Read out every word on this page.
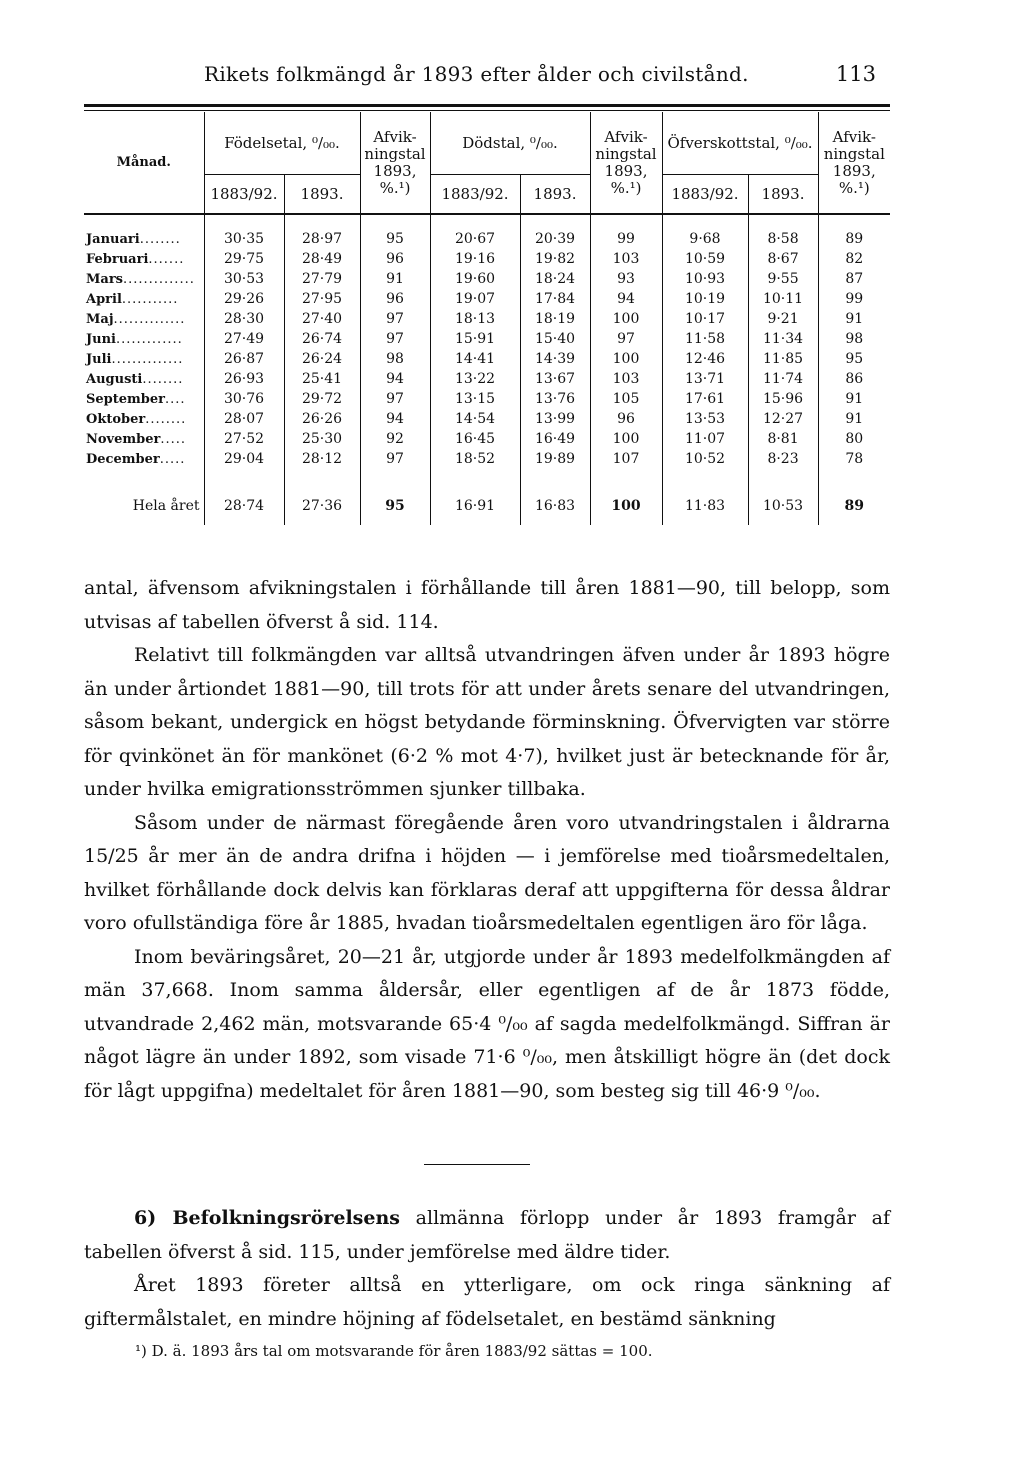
Rikets folkmängd år 1893 efter ålder och civilstånd.	113
Månad.	Födelsetal, ⁰/₀₀.		Afvik-ningstal 1893, %.¹)	Dödstal, ⁰/₀₀.		Afvik-ningstal 1893, %.¹)	Öfverskottstal, ⁰/₀₀.		Afvik-ningstal 1893, %.¹)
	1883/92.	1893.		1883/92.	1893.		1883/92.	1893.	
Januari........	30·35	28·97	95	20·67	20·39	99	9·68	8·58	89
Februari.......	29·75	28·49	96	19·16	19·82	103	10·59	8·67	82
Mars..............	30·53	27·79	91	19·60	18·24	93	10·93	9·55	87
April...........	29·26	27·95	96	19·07	17·84	94	10·19	10·11	99
Maj..............	28·30	27·40	97	18·13	18·19	100	10·17	9·21	91
Juni.............	27·49	26·74	97	15·91	15·40	97	11·58	11·34	98
Juli..............	26·87	26·24	98	14·41	14·39	100	12·46	11·85	95
Augusti........	26·93	25·41	94	13·22	13·67	103	13·71	11·74	86
September....	30·76	29·72	97	13·15	13·76	105	17·61	15·96	91
Oktober........	28·07	26·26	94	14·54	13·99	96	13·53	12·27	91
November.....	27·52	25·30	92	16·45	16·49	100	11·07	8·81	80
December.....	29·04	28·12	97	18·52	19·89	107	10·52	8·23	78
Hela året	28·74	27·36	95	16·91	16·83	100	11·83	10·53	89

antal, äfvensom afvikningstalen i förhållande till åren 1881—90, till belopp, som utvisas af tabellen öfverst å sid. 114.

Relativt till folkmängden var alltså utvandringen äfven under år 1893 högre än under årtiondet 1881—90, till trots för att under årets senare del utvandringen, såsom bekant, undergick en högst betydande förminskning. Öfvervigten var större för qvinkönet än för mankönet (6·2 % mot 4·7), hvilket just är betecknande för år, under hvilka emigrationsströmmen sjunker tillbaka.

Såsom under de närmast föregående åren voro utvandringstalen i åldrarna 15/25 år mer än de andra drifna i höjden — i jemförelse med tioårsmedeltalen, hvilket förhållande dock delvis kan förklaras deraf att uppgifterna för dessa åldrar voro ofullständiga före år 1885, hvadan tioårsmedeltalen egentligen äro för låga.

Inom beväringsåret, 20—21 år, utgjorde under år 1893 medelfolkmängden af män 37,668. Inom samma åldersår, eller egentligen af de år 1873 födde, utvandrade 2,462 män, motsvarande 65·4 ⁰/₀₀ af sagda medelfolkmängd. Siffran är något lägre än under 1892, som visade 71·6 ⁰/₀₀, men åtskilligt högre än (det dock för lågt uppgifna) medeltalet för åren 1881—90, som besteg sig till 46·9 ⁰/₀₀.

6) Befolkningsrörelsens allmänna förlopp under år 1893 framgår af tabellen öfverst å sid. 115, under jemförelse med äldre tider.

Året 1893 företer alltså en ytterligare, om ock ringa sänkning af giftermålstalet, en mindre höjning af födelsetalet, en bestämd sänkning

¹) D. ä. 1893 års tal om motsvarande för åren 1883/92 sättas = 100.
